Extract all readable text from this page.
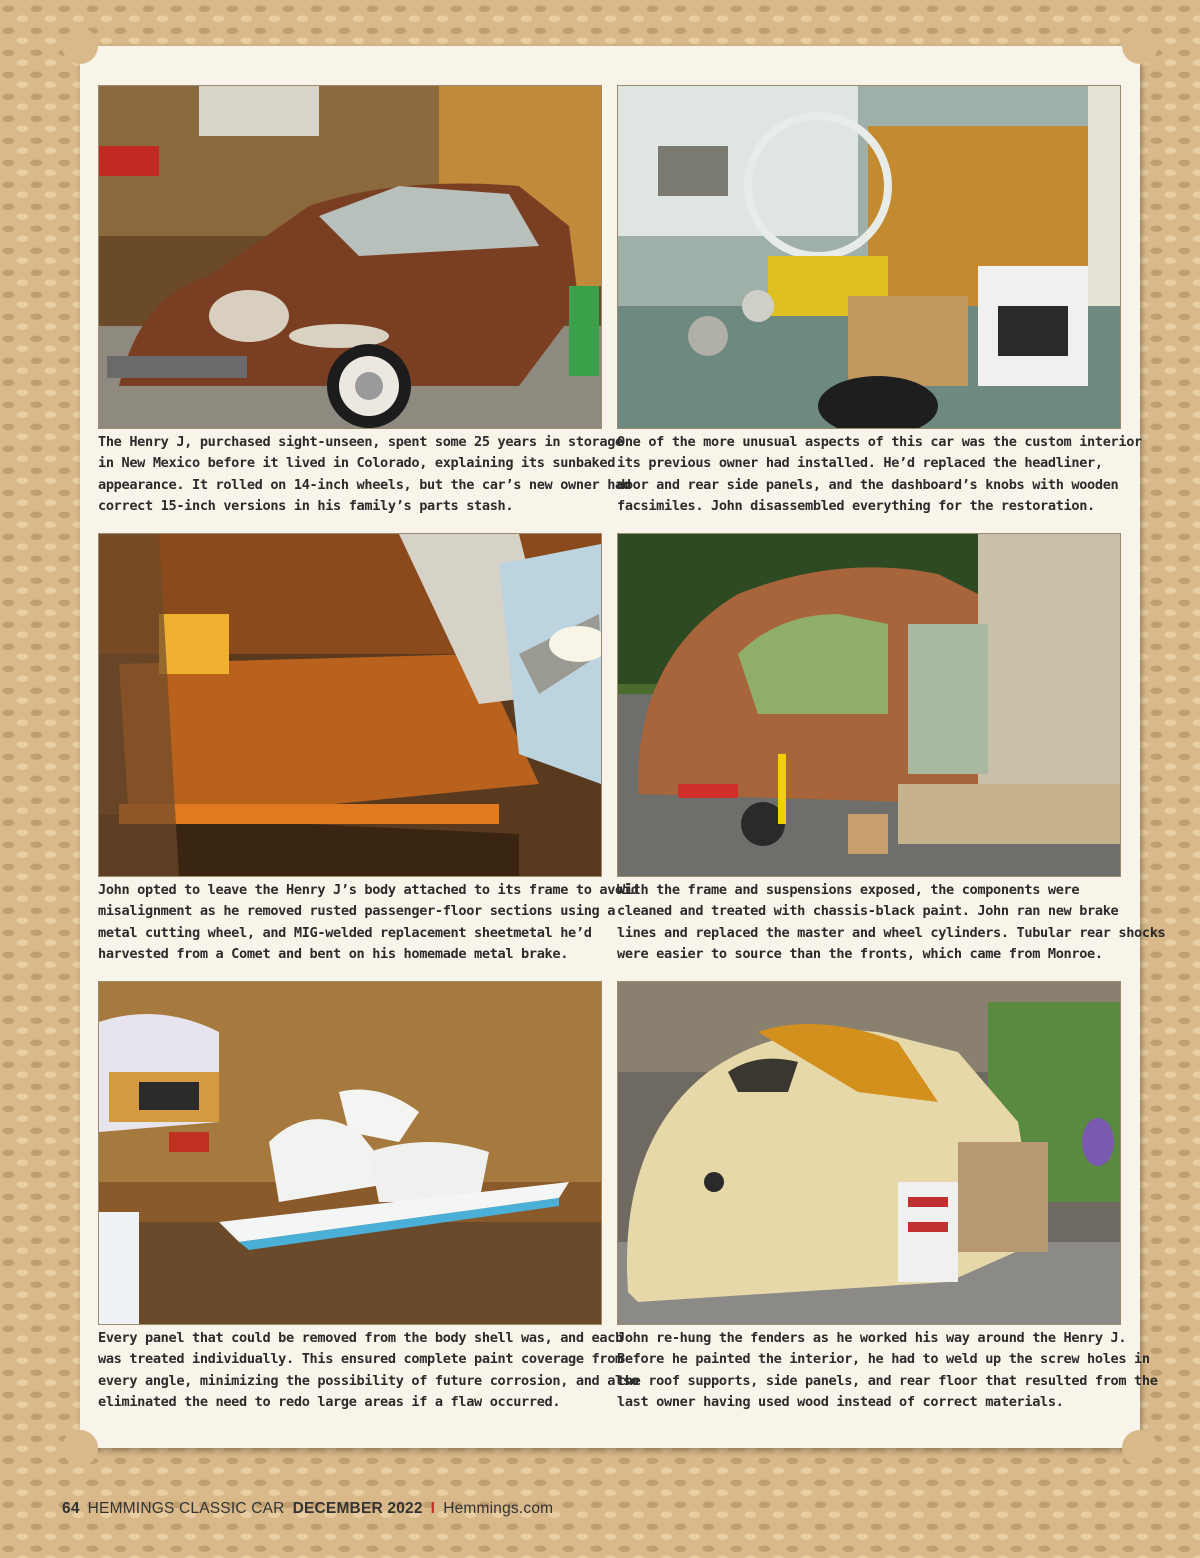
The Henry J, purchased sight-unseen, spent some 25 years in storage
in New Mexico before it lived in Colorado, explaining its sunbaked
appearance. It rolled on 14-inch wheels, but the car’s new owner had
correct 15-inch versions in his family’s parts stash.
One of the more unusual aspects of this car was the custom interior
its previous owner had installed. He’d replaced the headliner,
door and rear side panels, and the dashboard’s knobs with wooden
facsimiles. John disassembled everything for the restoration.
John opted to leave the Henry J’s body attached to its frame to avoid
misalignment as he removed rusted passenger-floor sections using a
metal cutting wheel, and MIG-welded replacement sheetmetal he’d
harvested from a Comet and bent on his homemade metal brake.
With the frame and suspensions exposed, the components were
cleaned and treated with chassis-black paint. John ran new brake
lines and replaced the master and wheel cylinders. Tubular rear shocks
were easier to source than the fronts, which came from Monroe.
Every panel that could be removed from the body shell was, and each
was treated individually. This ensured complete paint coverage from
every angle, minimizing the possibility of future corrosion, and also
eliminated the need to redo large areas if a flaw occurred.
John re-hung the fenders as he worked his way around the Henry J.
Before he painted the interior, he had to weld up the screw holes in
the roof supports, side panels, and rear floor that resulted from the
last owner having used wood instead of correct materials.
64 HEMMINGS CLASSIC CAR DECEMBER 2022 I Hemmings.com
